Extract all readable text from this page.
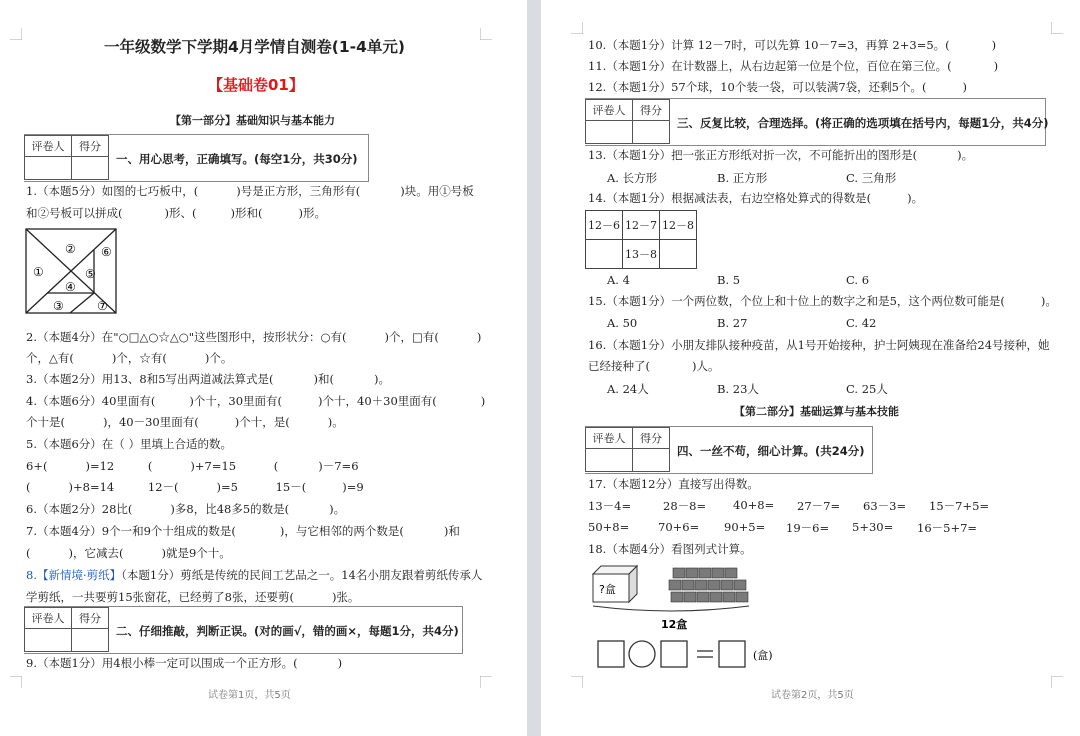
一年级数学下学期4月学情自测卷(1-4单元)
【基础卷01】
【第一部分】基础知识与基本能力
评卷人	得分

一、用心思考，正确填写。(每空1分，共30分)
1.（本题5分）如图的七巧板中，(	)号是正方形，三角形有(	)块。用①号板
和②号板可以拼成(	)形、(	)形和(	)形。
② ⑥
①	⑤
④
③	⑦
2.（本题4分）在"○□△○☆△○"这些图形中，按形状分：○有(	)个，□有(	)
个，△有(	)个，☆有(	)个。
3.（本题2分）用13、8和5写出两道减法算式是(	)和(	)。
4.（本题6分）40里面有(	)个十，30里面有(	)个十，40＋30里面有(	)
个十是(	)，40－30里面有(	)个十，是(	)。
5.（本题6分）在（ ）里填上合适的数。
6+(	)=12	(	)+7=15	(	)－7=6
(	)+8=14	12－(	)=5	15－(	)=9
6.（本题2分）28比(	)多8，比48多5的数是(	)。
7.（本题4分）9个一和9个十组成的数是(	)，与它相邻的两个数是(	)和
(	)，它减去(	)就是9个十。
8.【新情境·剪纸】（本题1分）剪纸是传统的民间工艺品之一。14名小朋友跟着剪纸传承人
学剪纸，一共要剪15张窗花，已经剪了8张，还要剪(	)张。
评卷人	得分

二、仔细推敲，判断正误。(对的画√，错的画×，每题1分，共4分)
9.（本题1分）用4根小棒一定可以围成一个正方形。(	)
试卷第1页，共5页
10.（本题1分）计算 12－7时，可以先算 10－7=3，再算 2+3=5。(	)
11.（本题1分）在计数器上，从右边起第一位是个位，百位在第三位。(	)
12.（本题1分）57个球，10个装一袋，可以装满7袋，还剩5个。(	)
评卷人	得分

三、反复比较，合理选择。(将正确的选项填在括号内，每题1分，共4分)
13.（本题1分）把一张正方形纸对折一次，不可能折出的图形是(	)。
A. 长方形	B. 正方形	C. 三角形
14.（本题1分）根据减法表，右边空格处算式的得数是(	)。
12－6	12－7	12－8
	13－8	
A. 4	B. 5	C. 6
15.（本题1分）一个两位数，个位上和十位上的数字之和是5，这个两位数可能是(	)。
A. 50	B. 27	C. 42
16.（本题1分）小朋友排队接种疫苗，从1号开始接种，护士阿姨现在准备给24号接种，她
已经接种了(	)人。
A. 24人	B. 23人	C. 25人
【第二部分】基础运算与基本技能
评卷人	得分

四、一丝不苟，细心计算。(共24分)
17.（本题12分）直接写出得数。
13－4=	28－8= 40+8= 27－7= 63－3= 15－7+5=
50+8=	70+6= 90+5= 19－6= 5+30= 16－5+7=
18.（本题4分）看图列式计算。
?盒
12盒
(盒)
试卷第2页，共5页
